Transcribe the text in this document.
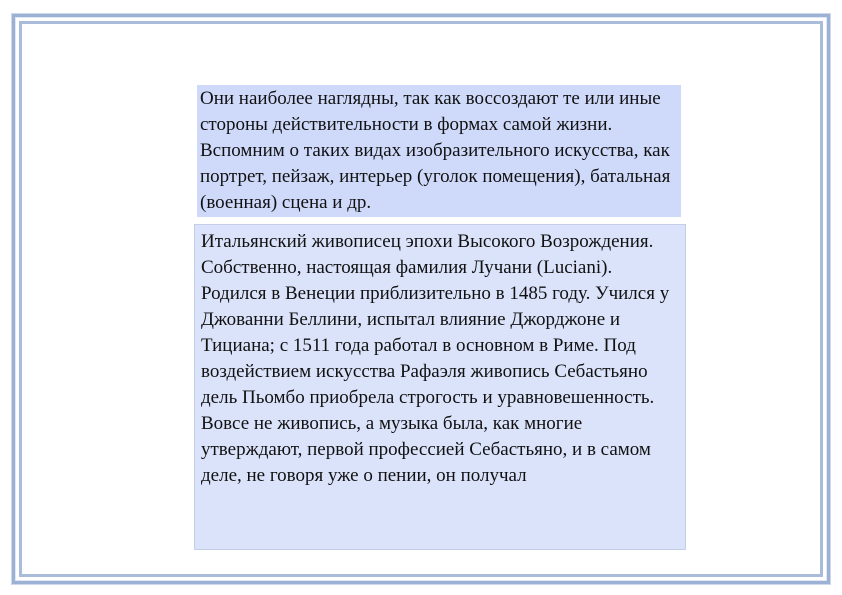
Они наиболее наглядны, так как воссоздают те или иные стороны действительности в формах самой жизни. Вспомним о таких видах изобразительного искусства, как портрет, пейзаж, интерьер (уголок помещения), батальная (военная) сцена и др.

Итальянский живописец эпохи Высокого Возрождения. Собственно, настоящая фамилия Лучани (Luciani). Родился в Венеции приблизительно в 1485 году. Учился у Джованни Беллини, испытал влияние Джорджоне и Тициана; с 1511 года работал в основном в Риме. Под воздействием искусства Рафаэля живопись Себастьяно дель Пьомбо приобрела строгость и уравновешенность.

Вовсе не живопись, а музыка была, как многие утверждают, первой профессией Себастьяно, и в самом деле, не говоря уже о пении, он получал
